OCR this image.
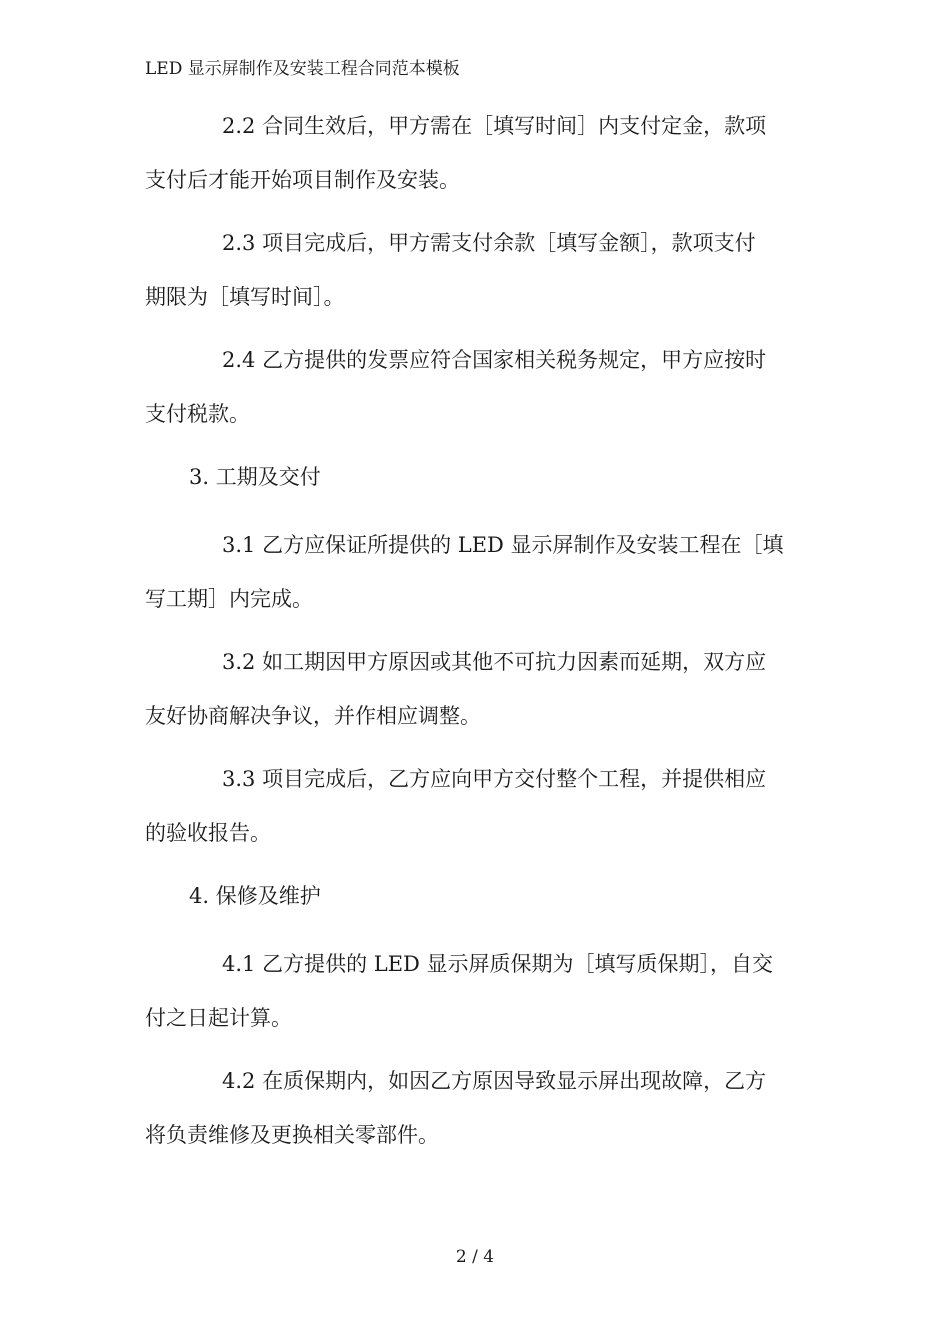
LED 显示屏制作及安装工程合同范本模板
2.2 合同生效后，甲方需在［填写时间］内支付定金，款项
支付后才能开始项目制作及安装。
2.3 项目完成后，甲方需支付余款［填写金额］，款项支付
期限为［填写时间］。
2.4 乙方提供的发票应符合国家相关税务规定，甲方应按时
支付税款。
3. 工期及交付
3.1 乙方应保证所提供的 LED 显示屏制作及安装工程在［填
写工期］内完成。
3.2 如工期因甲方原因或其他不可抗力因素而延期，双方应
友好协商解决争议，并作相应调整。
3.3 项目完成后，乙方应向甲方交付整个工程，并提供相应
的验收报告。
4. 保修及维护
4.1 乙方提供的 LED 显示屏质保期为［填写质保期］，自交
付之日起计算。
4.2 在质保期内，如因乙方原因导致显示屏出现故障，乙方
将负责维修及更换相关零部件。
2 / 4
